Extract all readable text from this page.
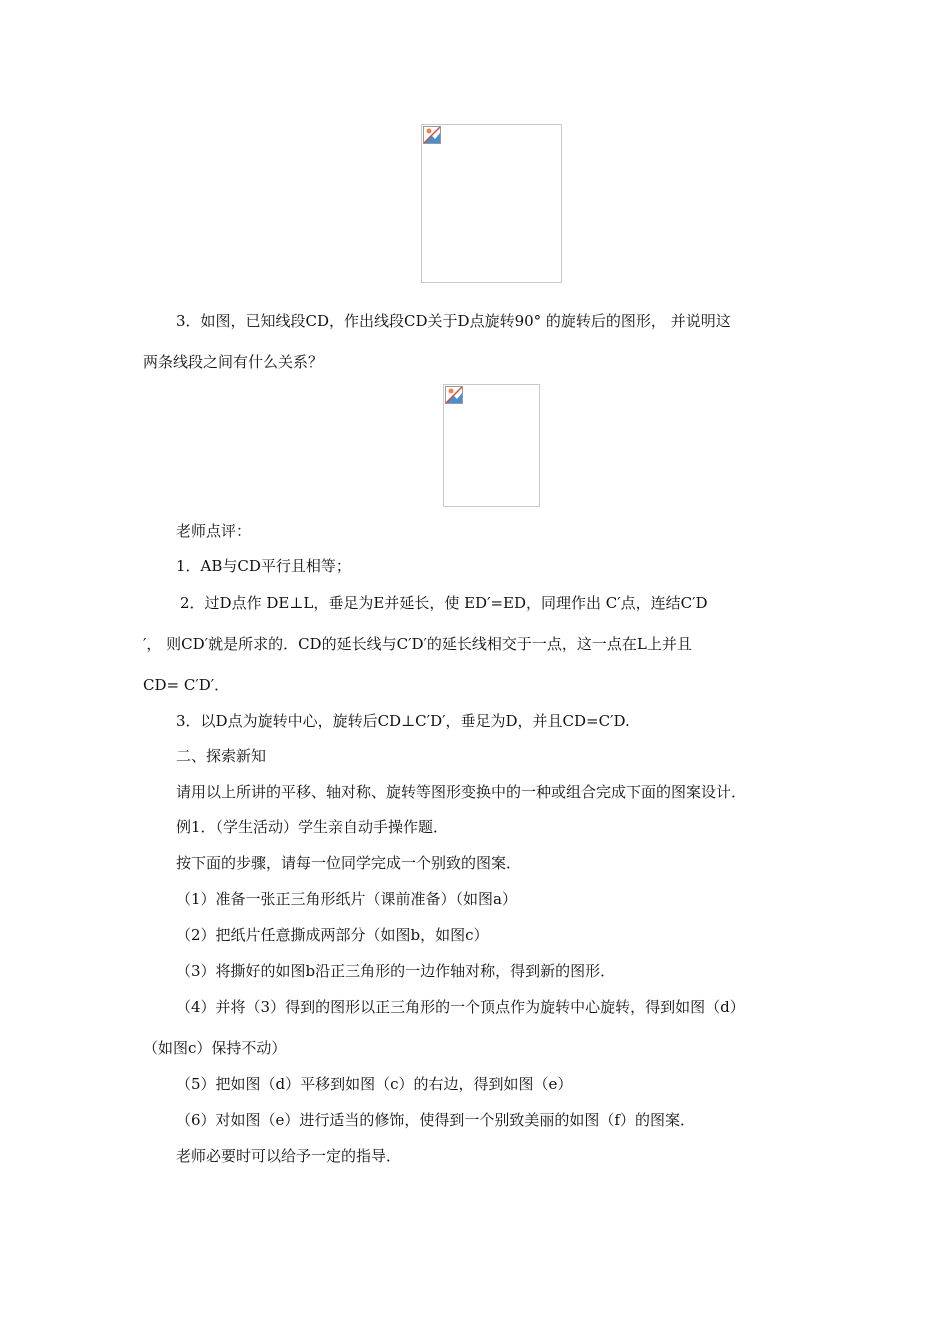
3．如图，已知线段CD，作出线段CD关于D点旋转90° 的旋转后的图形， 并说明这
两条线段之间有什么关系？
老师点评：
1．AB与CD平行且相等；
2．过D点作 DE⊥L，垂足为E并延长，使 ED′=ED，同理作出 C′点，连结C′D
′， 则CD′就是所求的．CD的延长线与C′D′的延长线相交于一点，这一点在L上并且
CD= C′D′．
3．以D点为旋转中心，旋转后CD⊥C′D′，垂足为D，并且CD=C′D.
二、探索新知
请用以上所讲的平移、轴对称、旋转等图形变换中的一种或组合完成下面的图案设计．
例1．（学生活动）学生亲自动手操作题．
按下面的步骤，请每一位同学完成一个别致的图案．
（1）准备一张正三角形纸片（课前准备）（如图a）
（2）把纸片任意撕成两部分（如图b，如图c）
（3）将撕好的如图b沿正三角形的一边作轴对称，得到新的图形．
（4）并将（3）得到的图形以正三角形的一个顶点作为旋转中心旋转，得到如图（d）
（如图c）保持不动）
（5）把如图（d）平移到如图（c）的右边，得到如图（e）
（6）对如图（e）进行适当的修饰，使得到一个别致美丽的如图（f）的图案．
老师必要时可以给予一定的指导．
